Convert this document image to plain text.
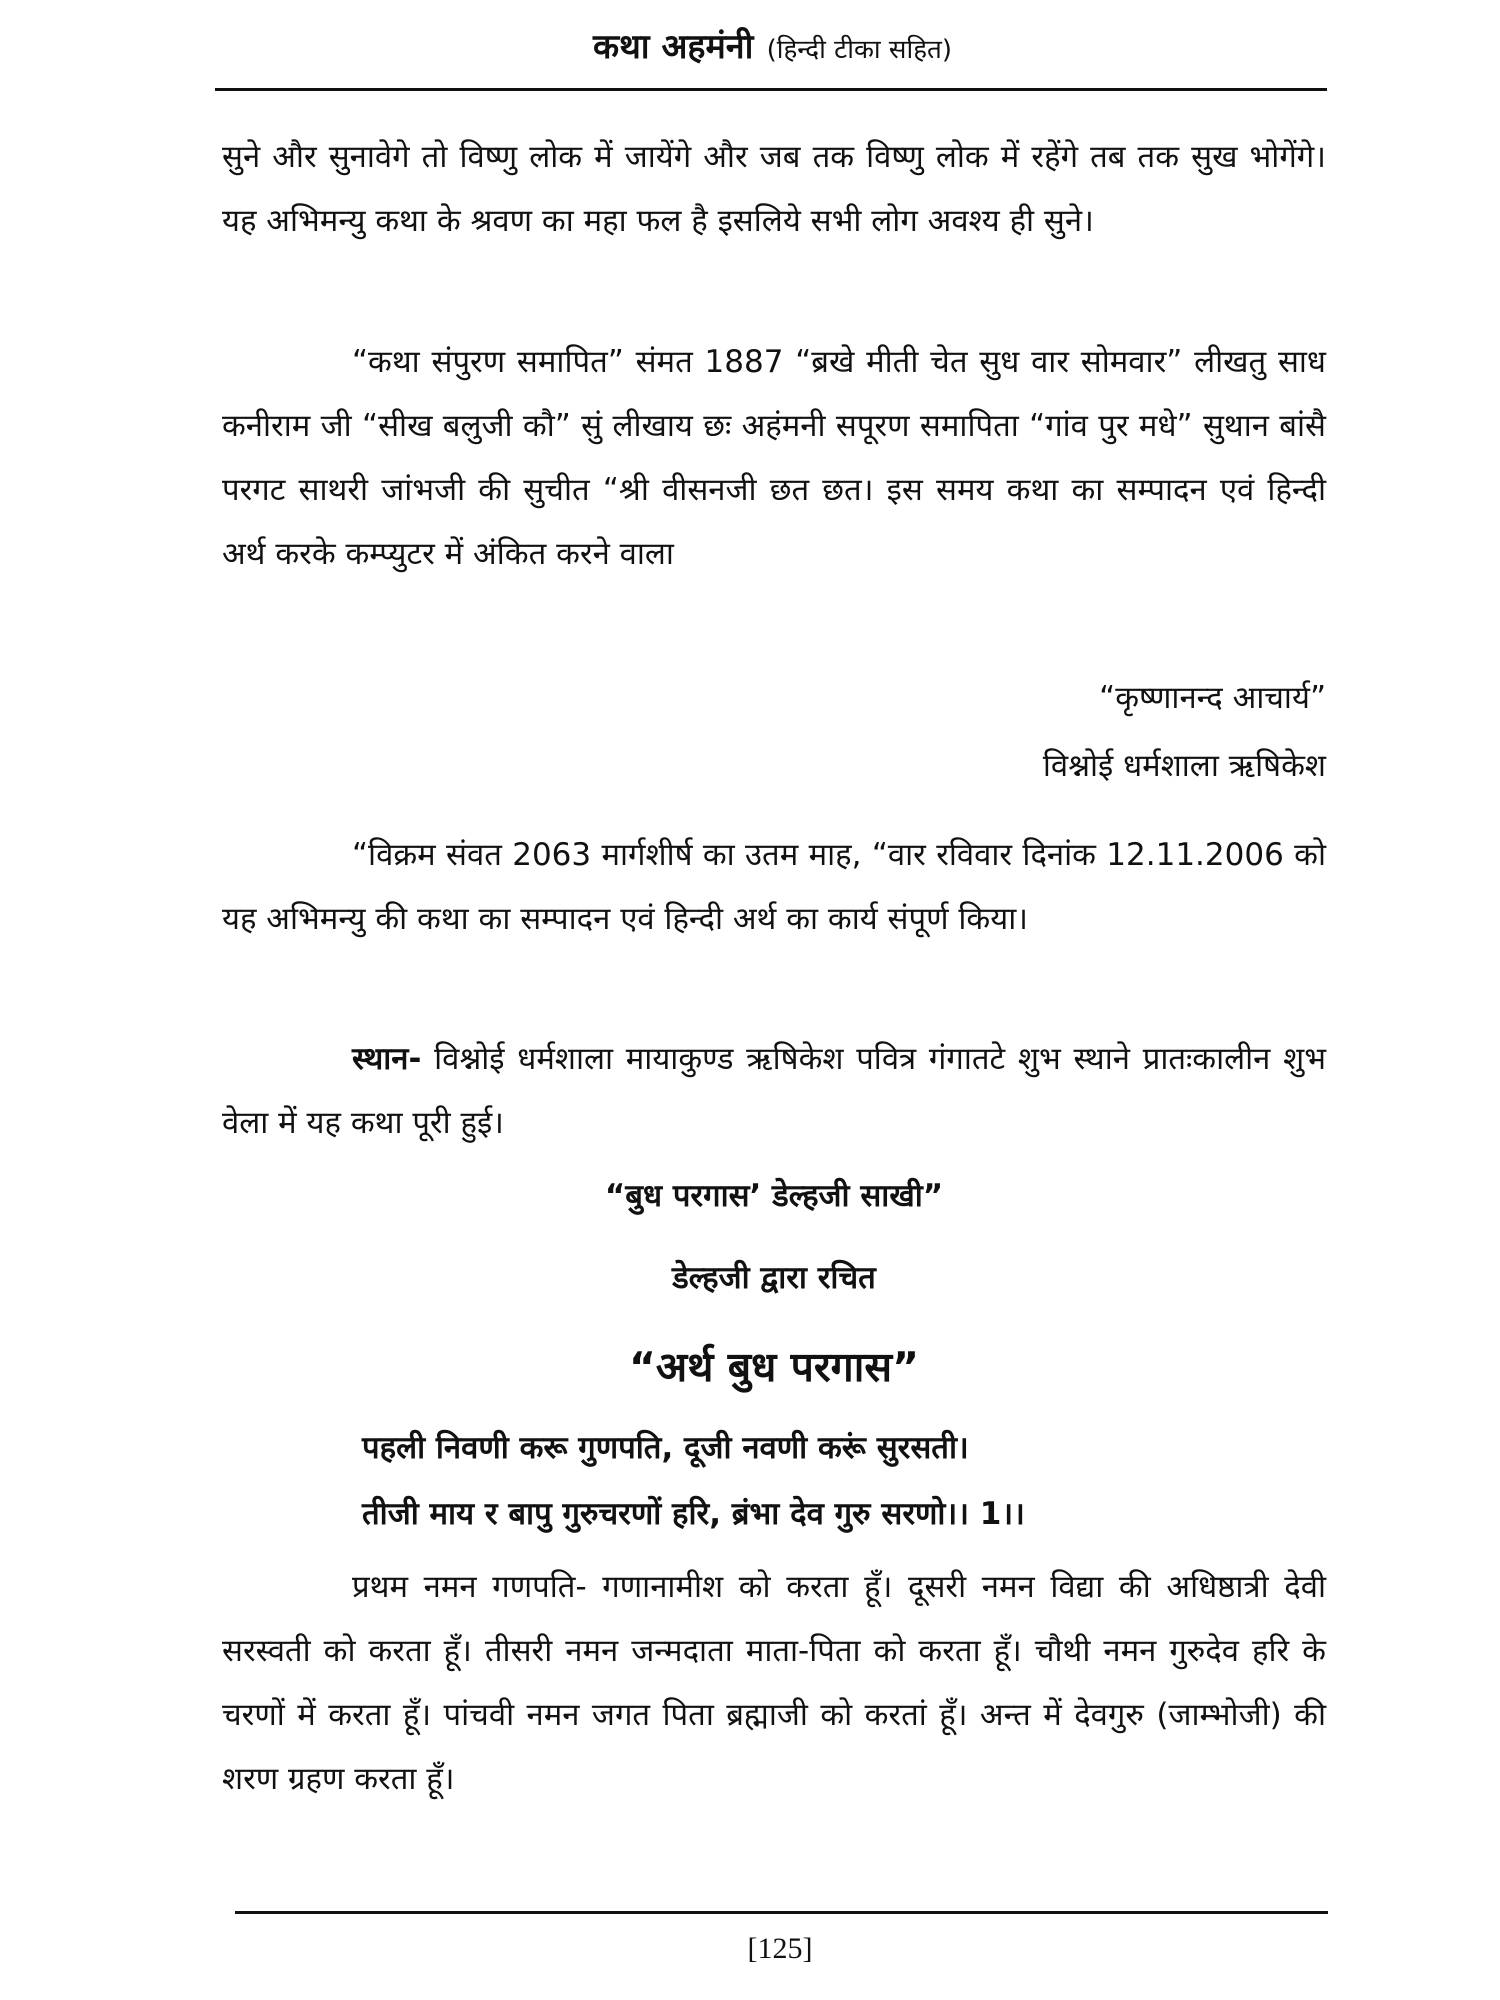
कथा अहमंनी (हिन्दी टीका सहित)

सुने और सुनावेगे तो विष्णु लोक में जायेंगे और जब तक विष्णु लोक में रहेंगे तब तक सुख भोगेंगे। यह अभिमन्यु कथा के श्रवण का महा फल है इसलिये सभी लोग अवश्य ही सुने।

“कथा संपुरण समापित” संमत 1887 “ब्रखे मीती चेत सुध वार सोमवार” लीखतु साध कनीराम जी “सीख बलुजी कौ” सुं लीखाय छः अहंमनी सपूरण समापिता “गांव पुर मधे” सुथान बांसै परगट साथरी जांभजी की सुचीत “श्री वीसनजी छत छत। इस समय कथा का सम्पादन एवं हिन्दी अर्थ करके कम्प्युटर में अंकित करने वाला

“कृष्णानन्द आचार्य”

विश्नोई धर्मशाला ऋषिकेश

“विक्रम संवत 2063 मार्गशीर्ष का उतम माह, “वार रविवार दिनांक 12.11.2006 को यह अभिमन्यु की कथा का सम्पादन एवं हिन्दी अर्थ का कार्य संपूर्ण किया।

स्थान- विश्नोई धर्मशाला मायाकुण्ड ऋषिकेश पवित्र गंगातटे शुभ स्थाने प्रातःकालीन शुभ वेला में यह कथा पूरी हुई।

“बुध परगास’ डेल्हजी साखी”

डेल्हजी द्वारा रचित

“अर्थ बुध परगास”

पहली निवणी करू गुणपति, दूजी नवणी करूं सुरसती।

तीजी माय र बापु गुरुचरणों हरि, ब्रंभा देव गुरु सरणो।। 1।।

प्रथम नमन गणपति- गणानामीश को करता हूँ। दूसरी नमन विद्या की अधिष्ठात्री देवी सरस्वती को करता हूँ। तीसरी नमन जन्मदाता माता-पिता को करता हूँ। चौथी नमन गुरुदेव हरि के चरणों में करता हूँ। पांचवी नमन जगत पिता ब्रह्माजी को करतां हूँ। अन्त में देवगुरु (जाम्भोजी) की शरण ग्रहण करता हूँ।

[125]
